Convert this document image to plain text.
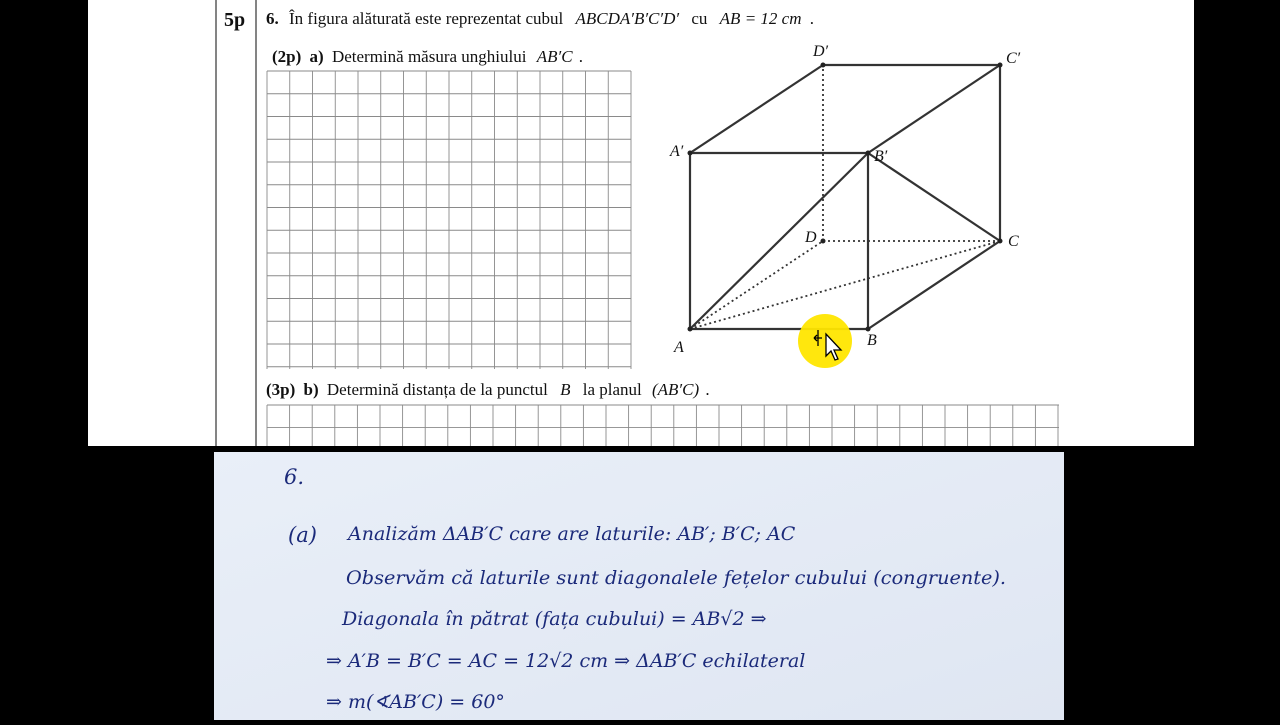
5p 6. În figura alăturată este reprezentat cubul ABCDA′B′C′D′ cu AB = 12 cm .
(2p) a) Determină măsura unghiului AB′C .
(3p) b) Determină distanța de la punctul B la planul (AB′C) .
A	B
C
D
A′	B′
C′
D′
6.
(a) Analizăm ΔAB′C care are laturile: AB′; B′C; AC
Observăm că laturile sunt diagonalele fețelor cubului (congruente).
Diagonala în pătrat (fața cubului) = AB√2 ⇒
⇒ A′B = B′C = AC = 12√2 cm ⇒ ΔAB′C echilateral
⇒ m(∢AB′C) = 60°
